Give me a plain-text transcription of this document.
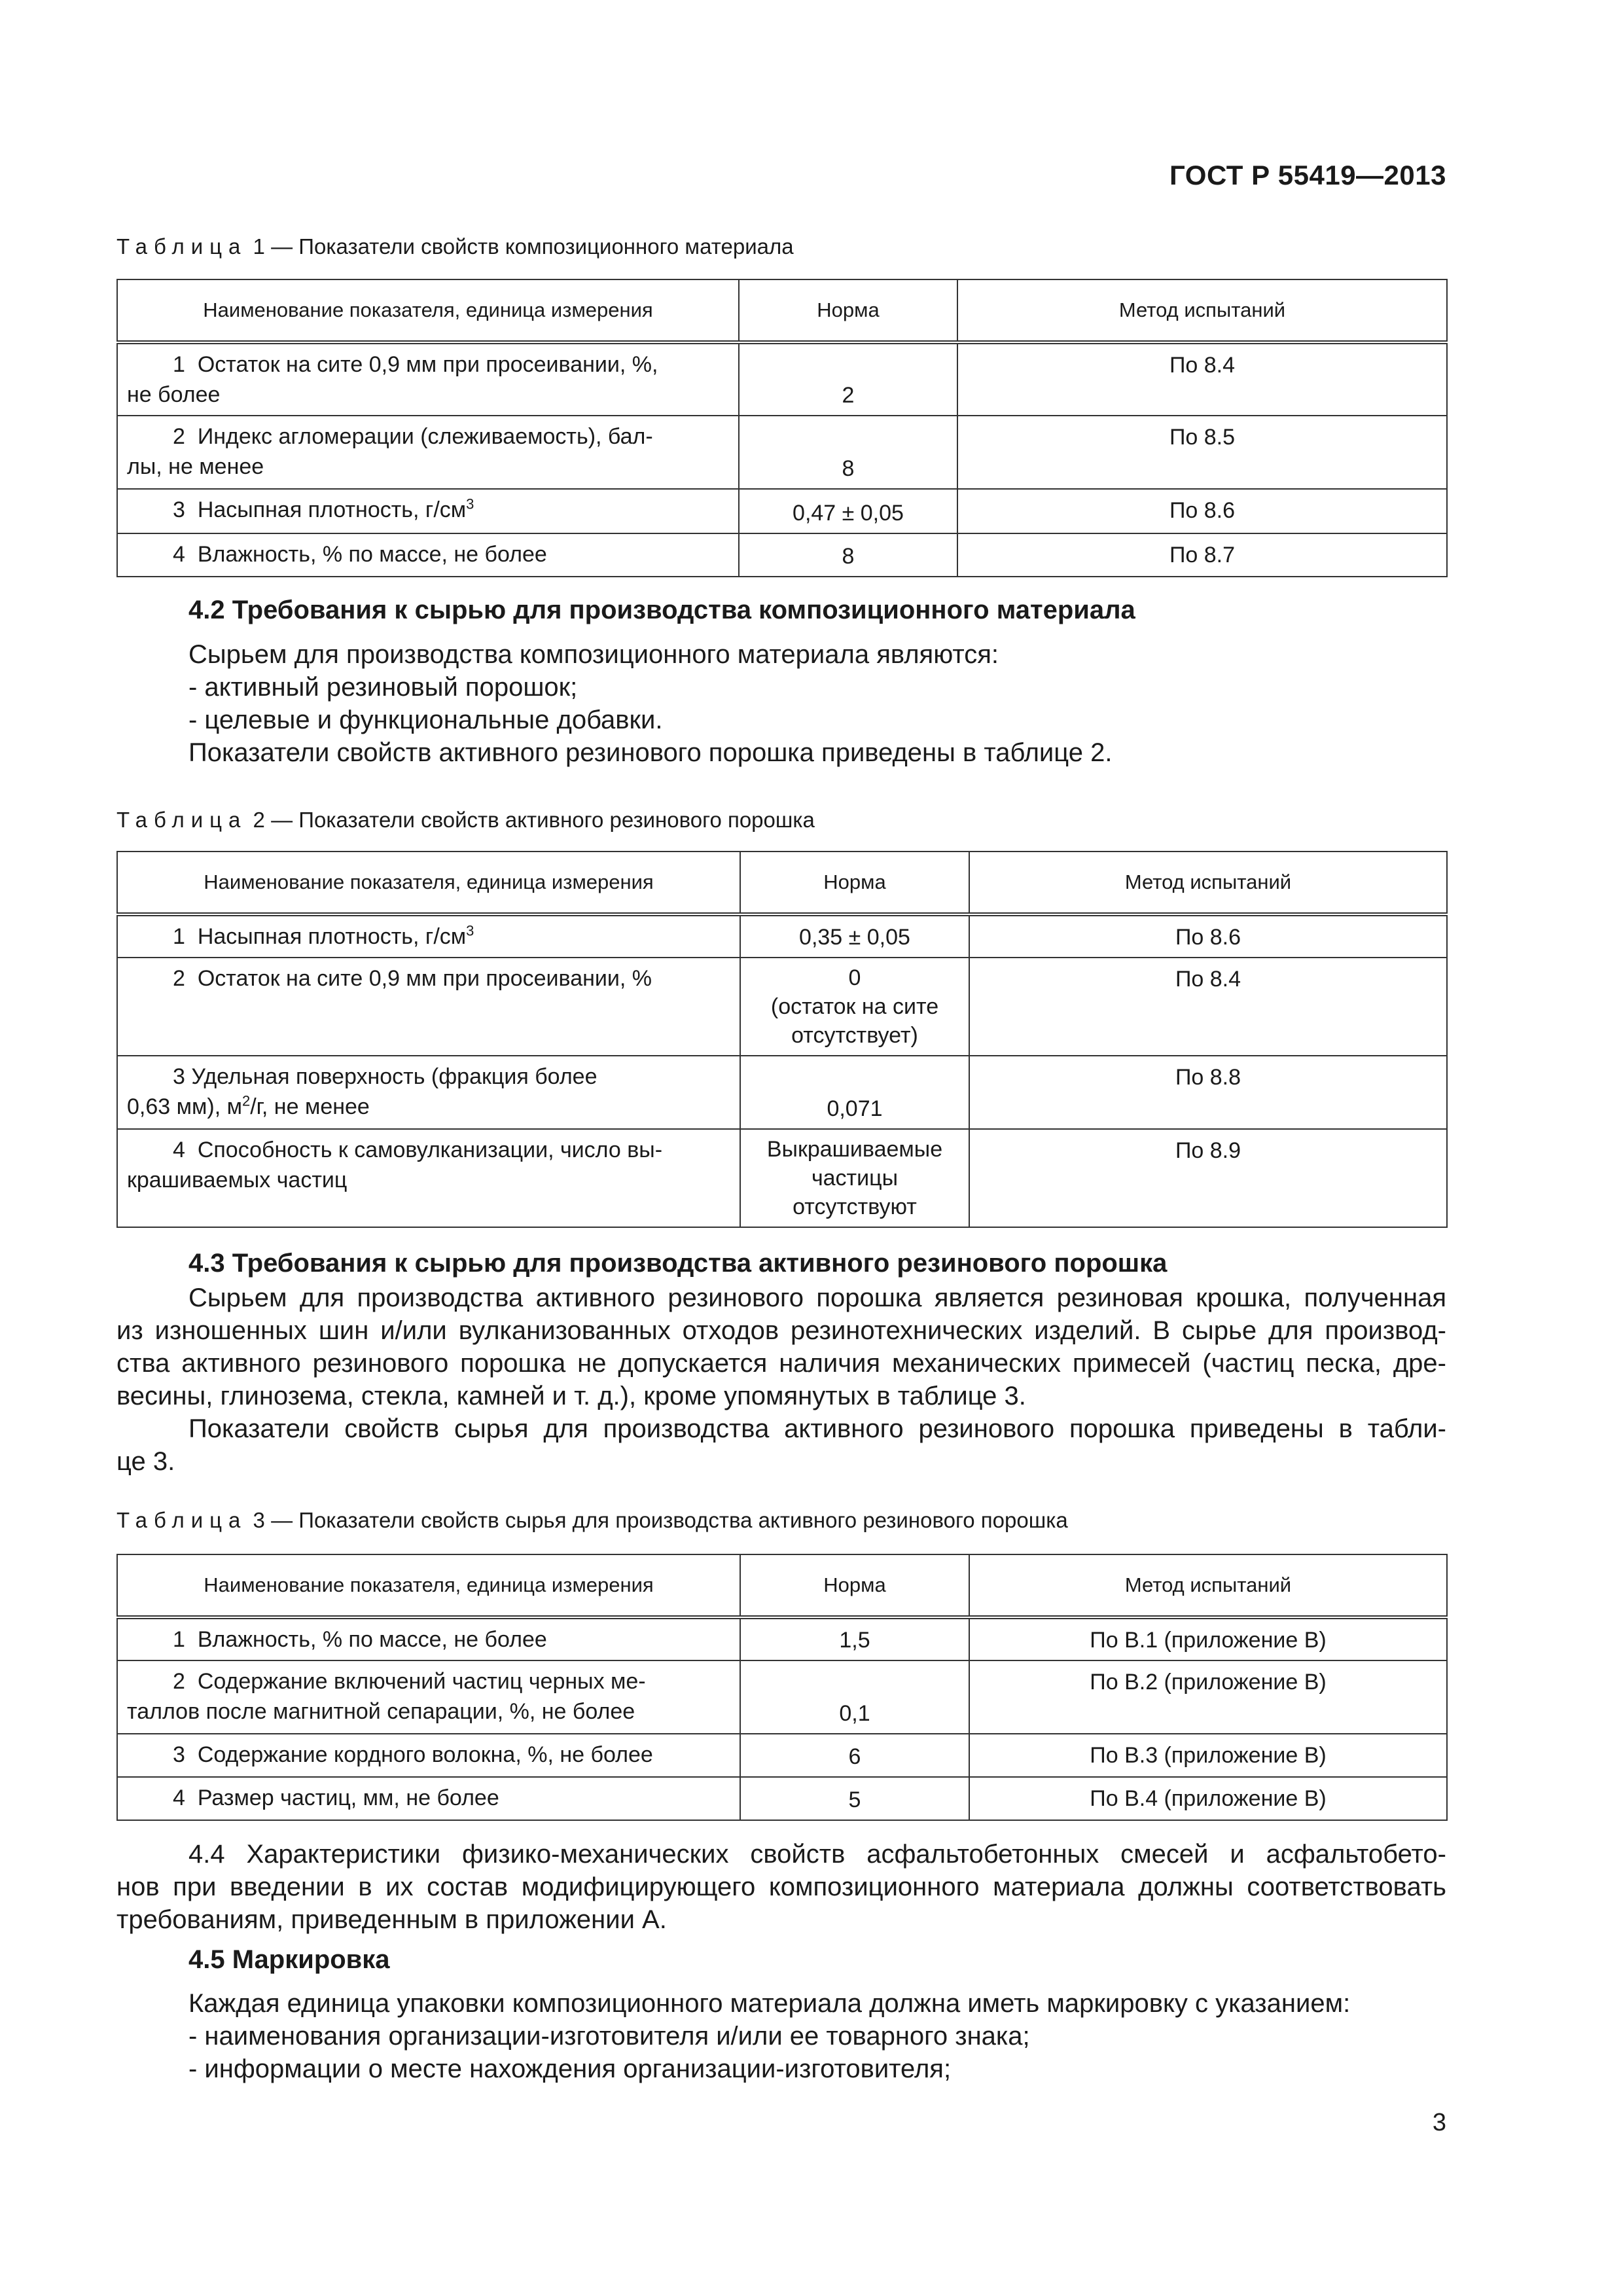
ГОСТ Р 55419—2013
Таблица 1 — Показатели свойств композиционного материала
Наименование показателя, единица измерения	Норма	Метод испытаний
1 Остаток на сите 0,9 мм при просеивании, %,
не более	2	По 8.4
2 Индекс агломерации (слеживаемость), бал-
лы, не менее	8	По 8.5
3 Насыпная плотность, $г/см^3$	0,47 ± 0,05	По 8.6
4 Влажность, % по массе, не более	8	По 8.7
4.2 Требования к сырью для производства композиционного материала
Сырьем для производства композиционного материала являются:
- активный резиновый порошок;
- целевые и функциональные добавки.
Показатели свойств активного резинового порошка приведены в таблице 2.
Таблица 2 — Показатели свойств активного резинового порошка
Наименование показателя, единица измерения	Норма	Метод испытаний
1 Насыпная плотность, $г/см^3$	0,35 ± 0,05	По 8.6
2 Остаток на сите 0,9 мм при просеивании, %	0
(остаток на сите
отсутствует)	По 8.4
3 Удельная поверхность (фракция более
0,63 мм), $м^2/г$, не менее	0,071	По 8.8
4 Способность к самовулканизации, число вы-
крашиваемых частиц	Выкрашиваемые
частицы
отсутствуют	По 8.9
4.3 Требования к сырью для производства активного резинового порошка
Сырьем для производства активного резинового порошка является резиновая крошка, полученная
из изношенных шин и/или вулканизованных отходов резинотехнических изделий. В сырье для производ-
ства активного резинового порошка не допускается наличия механических примесей (частиц песка, дре-
весины, глинозема, стекла, камней и т. д.), кроме упомянутых в таблице 3.
Показатели свойств сырья для производства активного резинового порошка приведены в табли-
це 3.
Таблица 3 — Показатели свойств сырья для производства активного резинового порошка
Наименование показателя, единица измерения	Норма	Метод испытаний
1 Влажность, % по массе, не более	1,5	По В.1 (приложение В)
2 Содержание включений частиц черных ме-
таллов после магнитной сепарации, %, не более	0,1	По В.2 (приложение В)
3 Содержание кордного волокна, %, не более	6	По В.3 (приложение В)
4 Размер частиц, мм, не более	5	По В.4 (приложение В)
4.4 Характеристики физико-механических свойств асфальтобетонных смесей и асфальтобето-
нов при введении в их состав модифицирующего композиционного материала должны соответствовать
требованиям, приведенным в приложении А.
4.5 Маркировка
Каждая единица упаковки композиционного материала должна иметь маркировку с указанием:
- наименования организации-изготовителя и/или ее товарного знака;
- информации о месте нахождения организации-изготовителя;
3
